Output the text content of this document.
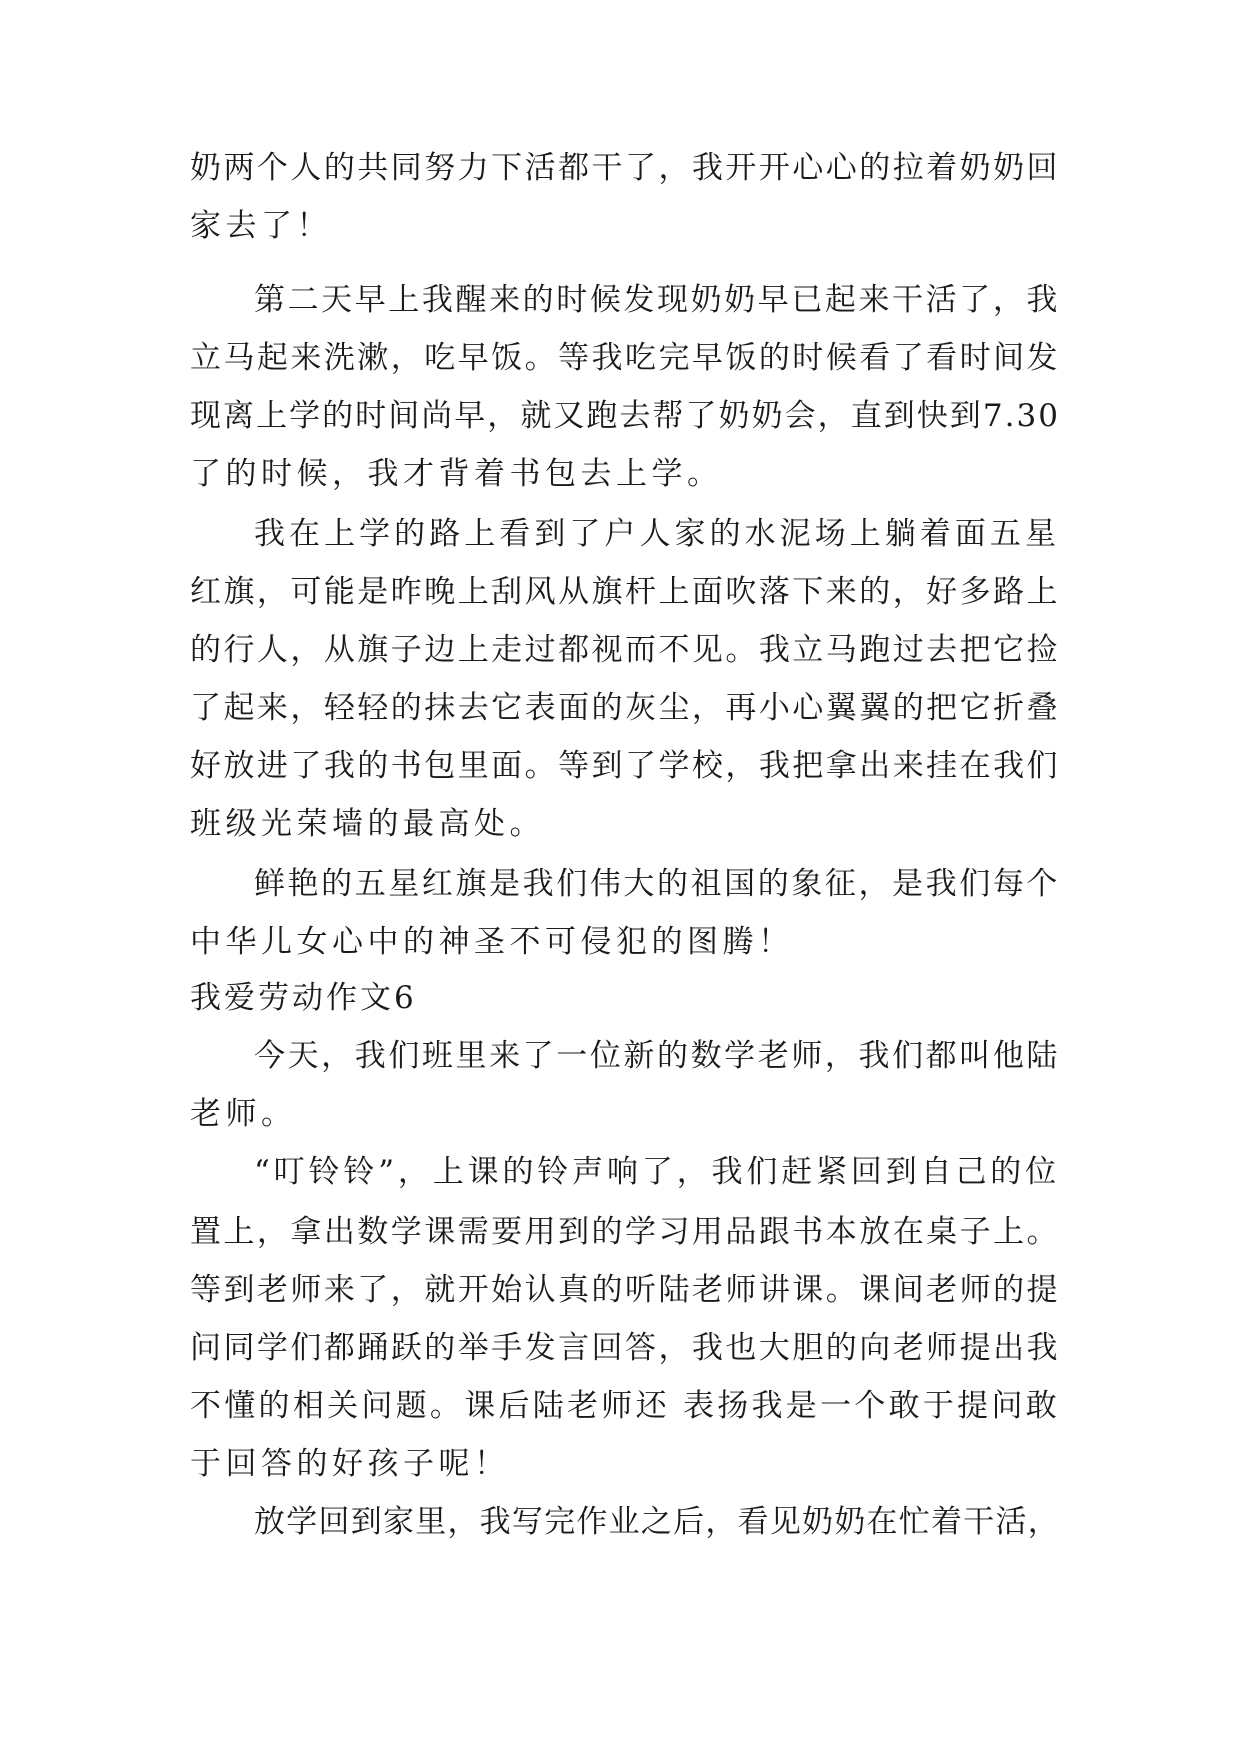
奶两个人的共同努力下活都干了，我开开心心的拉着奶奶回
家去了！
第二天早上我醒来的时候发现奶奶早已起来干活了，我
立马起来洗漱，吃早饭。等我吃完早饭的时候看了看时间发
现离上学的时间尚早，就又跑去帮了奶奶会，直到快到7.30
了的时候，我才背着书包去上学。
我在上学的路上看到了户人家的水泥场上躺着面五星
红旗，可能是昨晚上刮风从旗杆上面吹落下来的，好多路上
的行人，从旗子边上走过都视而不见。我立马跑过去把它捡
了起来，轻轻的抹去它表面的灰尘，再小心翼翼的把它折叠
好放进了我的书包里面。等到了学校，我把拿出来挂在我们
班级光荣墙的最高处。
鲜艳的五星红旗是我们伟大的祖国的象征，是我们每个
中华儿女心中的神圣不可侵犯的图腾！
我爱劳动作文6
今天，我们班里来了一位新的数学老师，我们都叫他陆
老师。
“叮铃铃”，上课的铃声响了，我们赶紧回到自己的位
置上，拿出数学课需要用到的学习用品跟书本放在桌子上。
等到老师来了，就开始认真的听陆老师讲课。课间老师的提
问同学们都踊跃的举手发言回答，我也大胆的向老师提出我
不懂的相关问题。课后陆老师还 表扬我是一个敢于提问敢
于回答的好孩子呢！
放学回到家里，我写完作业之后，看见奶奶在忙着干活，
